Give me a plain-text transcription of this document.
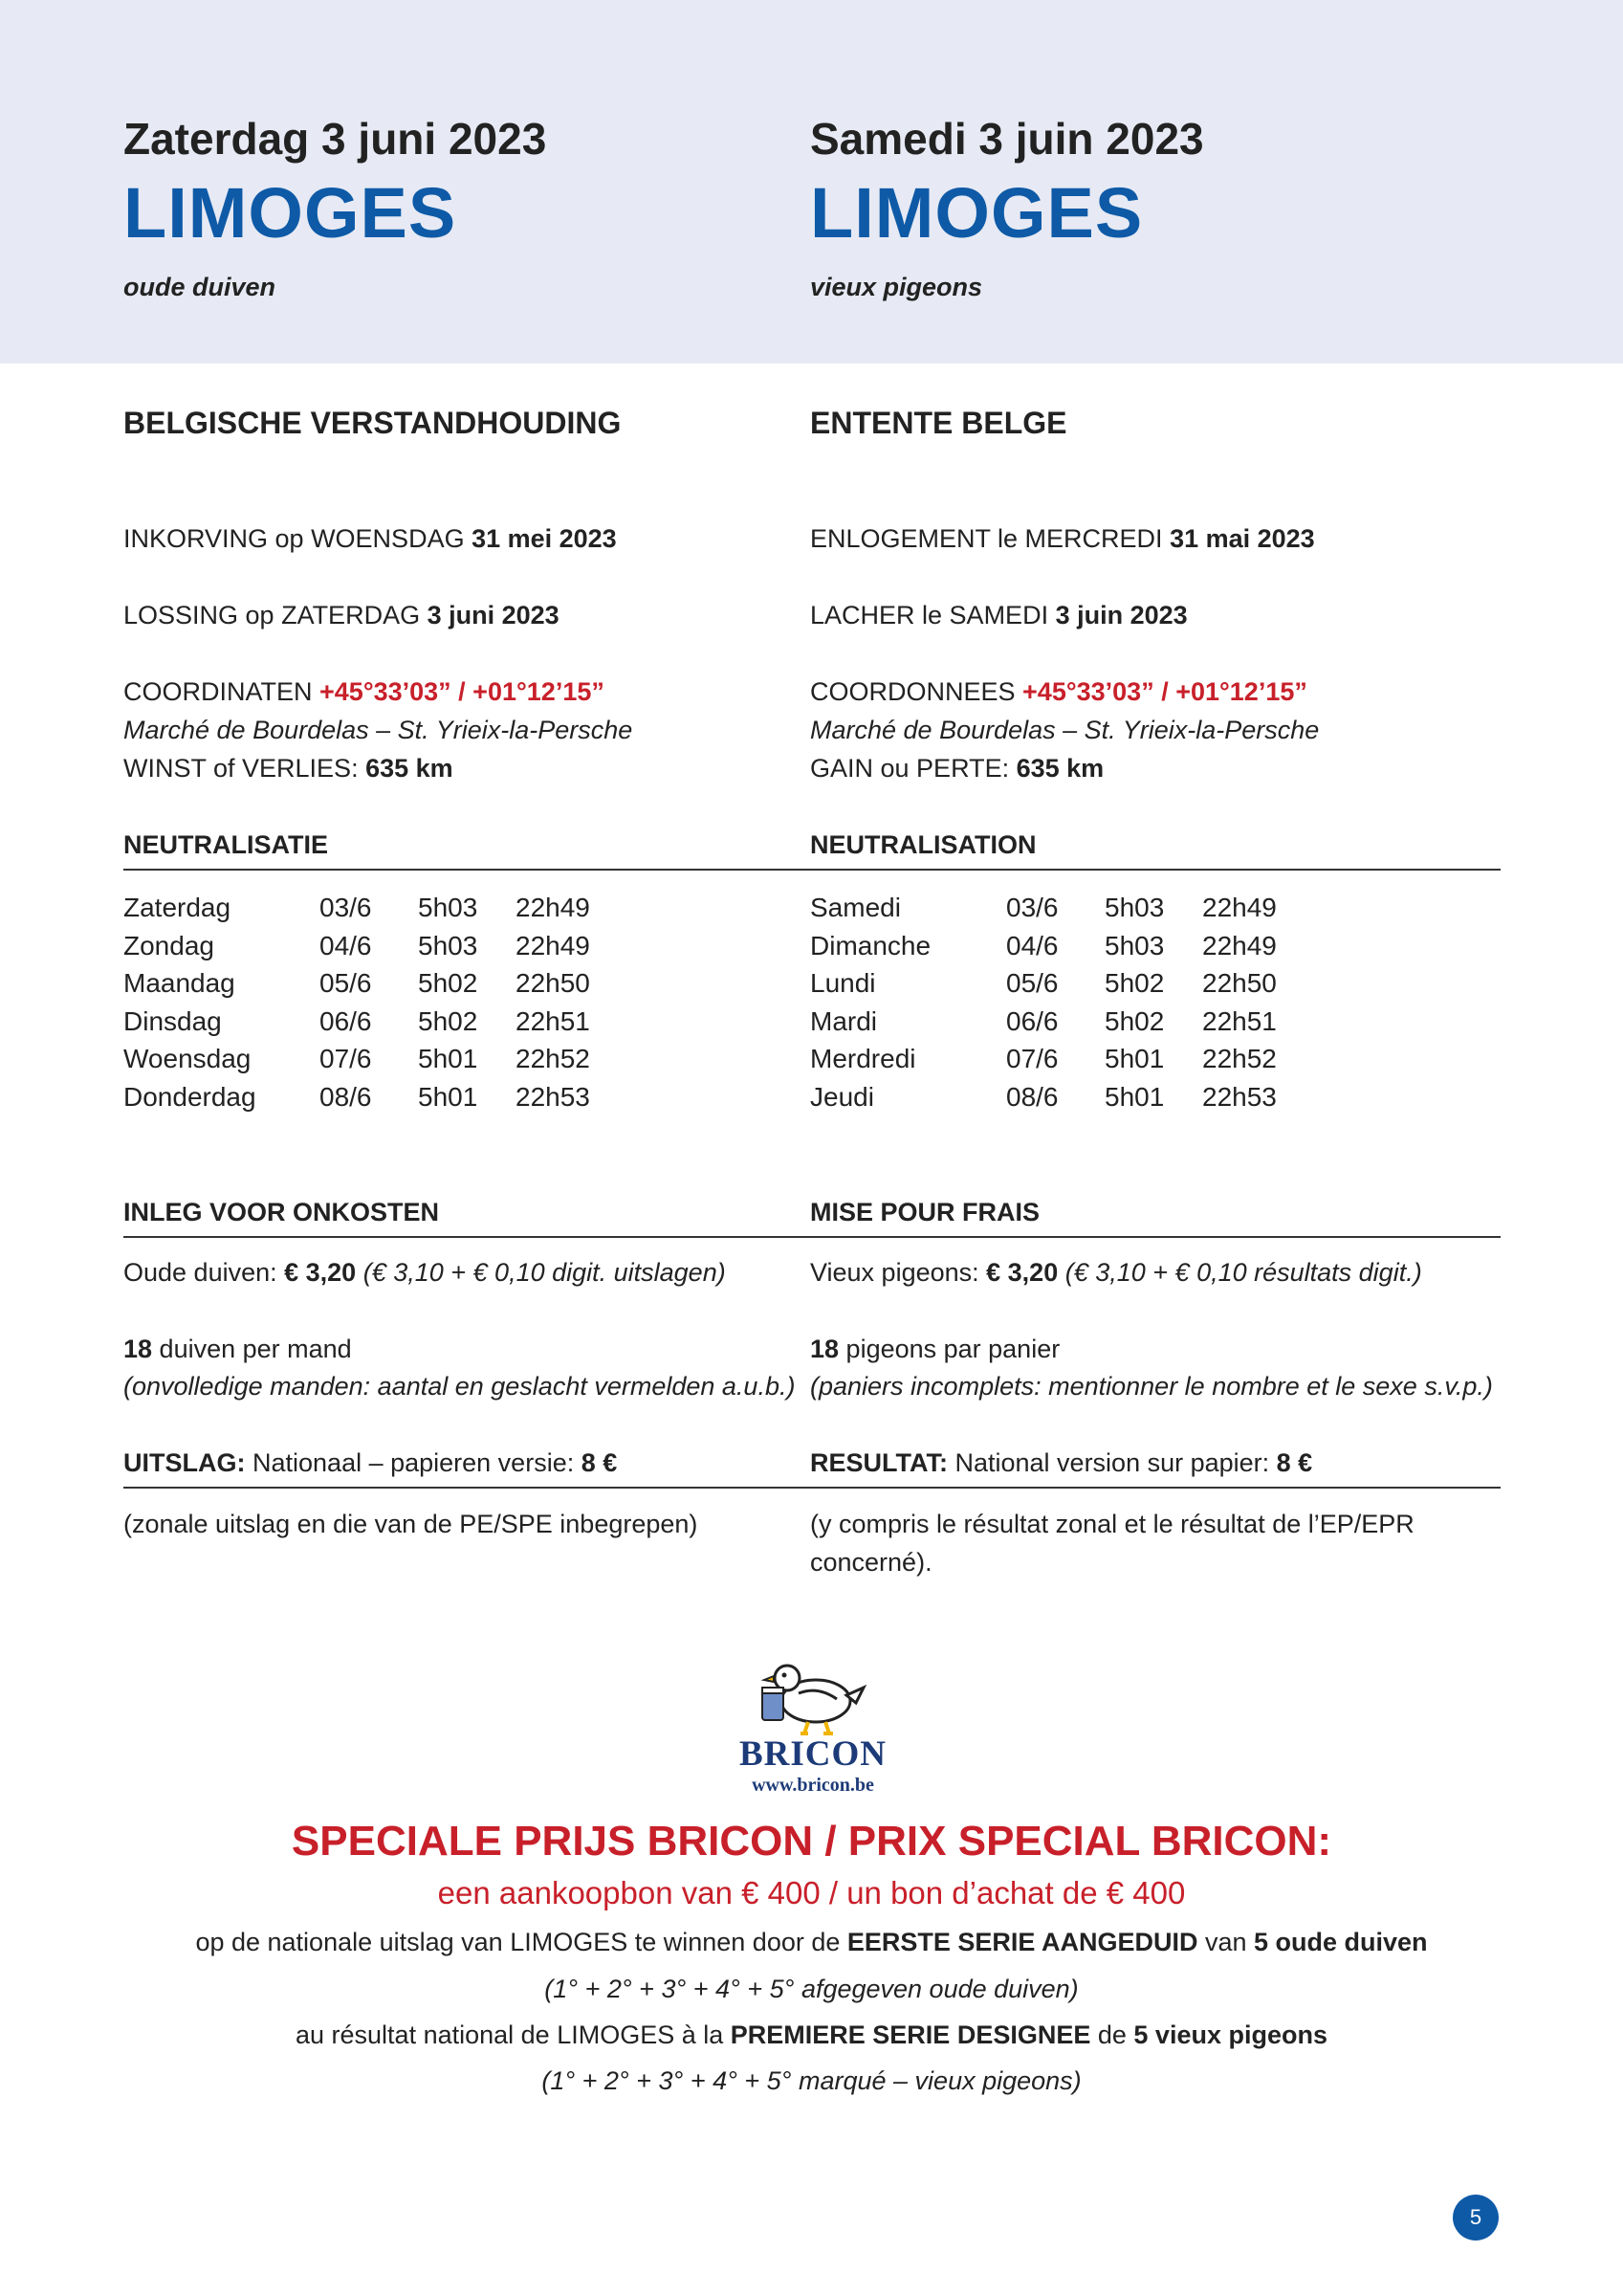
Zaterdag 3 juni 2023
LIMOGES
oude duiven
BELGISCHE VERSTANDHOUDING
INKORVING op WOENSDAG 31 mei 2023
LOSSING op ZATERDAG 3 juni 2023
COORDINATEN +45°33’03” / +01°12’15”
Marché de Bourdelas – St. Yrieix-la-Persche
WINST of VERLIES: 635 km
NEUTRALISATIE
Zaterdag	03/6 5h03 22h49
Zondag	04/6 5h03 22h49
Maandag	05/6 5h02 22h50
Dinsdag	06/6 5h02 22h51
Woensdag	07/6 5h01 22h52
Donderdag 08/6 5h01 22h53
INLEG VOOR ONKOSTEN
Oude duiven: € 3,20 (€ 3,10 + € 0,10 digit. uitslagen)
18 duiven per mand
(onvolledige manden: aantal en geslacht vermelden a.u.b.)
UITSLAG: Nationaal – papieren versie: 8 €
(zonale uitslag en die van de PE/SPE inbegrepen)
Samedi 3 juin 2023
LIMOGES
vieux pigeons
ENTENTE BELGE
ENLOGEMENT le MERCREDI 31 mai 2023
LACHER le SAMEDI 3 juin 2023
COORDONNEES +45°33’03” / +01°12’15”
Marché de Bourdelas – St. Yrieix-la-Persche
GAIN ou PERTE: 635 km
NEUTRALISATION
Samedi	03/6 5h03 22h49
Dimanche	04/6 5h03 22h49
Lundi	05/6 5h02 22h50
Mardi	06/6 5h02 22h51
Merdredi	07/6 5h01 22h52
Jeudi	08/6 5h01 22h53
MISE POUR FRAIS
Vieux pigeons: € 3,20 (€ 3,10 + € 0,10 résultats digit.)
18 pigeons par panier
(paniers incomplets: mentionner le nombre et le sexe s.v.p.)
RESULTAT: National version sur papier: 8 €
(y compris le résultat zonal et le résultat de l’EP/EPR
concerné).
BRICON
www.bricon.be
SPECIALE PRIJS BRICON / PRIX SPECIAL BRICON:
een aankoopbon van € 400 / un bon d’achat de € 400
op de nationale uitslag van LIMOGES te winnen door de EERSTE SERIE AANGEDUID van 5 oude duiven
(1° + 2° + 3° + 4° + 5° afgegeven oude duiven)
au résultat national de LIMOGES à la PREMIERE SERIE DESIGNEE de 5 vieux pigeons
(1° + 2° + 3° + 4° + 5° marqué – vieux pigeons)
5
